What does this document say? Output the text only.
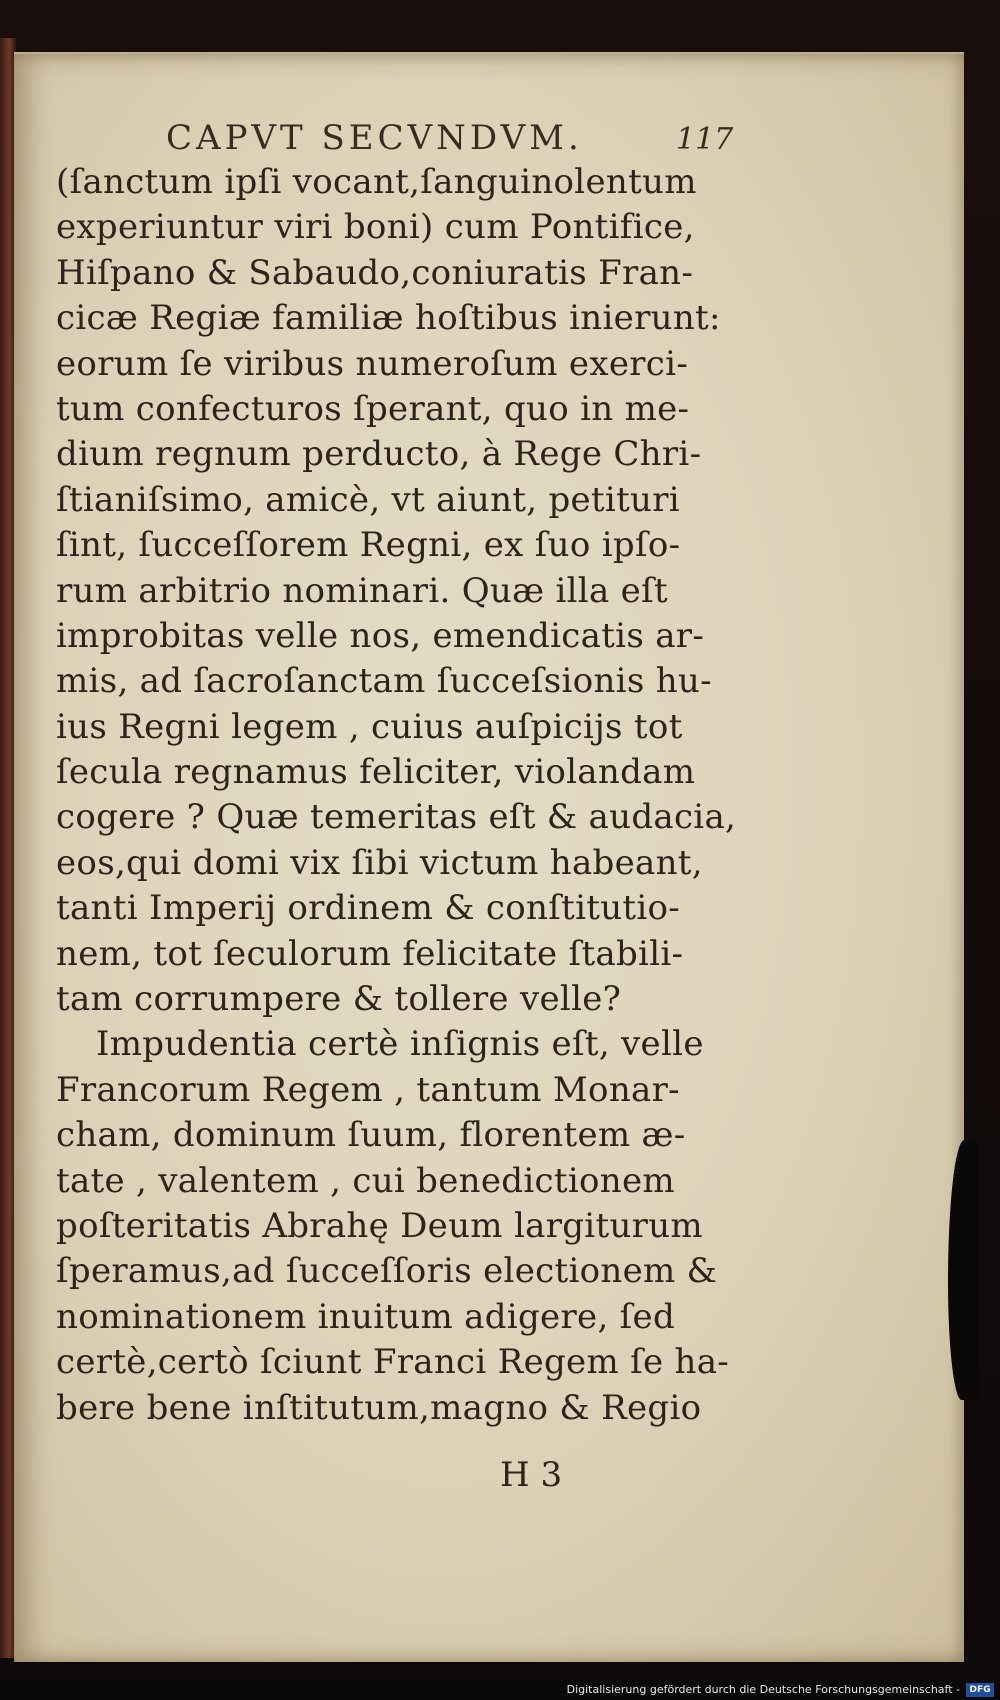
CAPVT SECVNDVM.	117
(ſanctum ipſi vocant,ſanguinolentum
experiuntur viri boni) cum Pontifice,
Hiſpano & Sabaudo,coniuratis Fran-
cicæ Regiæ familiæ hoſtibus inierunt:
eorum ſe viribus numeroſum exerci-
tum confecturos ſperant, quo in me-
dium regnum perducto, à Rege Chri-
ſtianiſsimo, amicè, vt aiunt, petituri
ſint, ſucceſſorem Regni, ex ſuo ipſo-
rum arbitrio nominari. Quæ illa eſt
improbitas velle nos, emendicatis ar-
mis, ad ſacroſanctam ſucceſsionis hu-
ius Regni legem , cuius auſpicijs tot
ſecula regnamus feliciter, violandam
cogere ? Quæ temeritas eſt & audacia,
eos,qui domi vix ſibi victum habeant,
tanti Imperij ordinem & conſtitutio-
nem, tot ſeculorum felicitate ſtabili-
tam corrumpere & tollere velle?
Impudentia certè inſignis eſt, velle
Francorum Regem , tantum Monar-
cham, dominum ſuum, florentem æ-
tate , valentem , cui benedictionem
poſteritatis Abrahę Deum largiturum
ſperamus,ad ſucceſſoris electionem &
nominationem inuitum adigere, ſed
certè,certò ſciunt Franci Regem ſe ha-
bere bene inſtitutum,magno & Regio
H 3
Digitalisierung gefördert durch die Deutsche Forschungsgemeinschaft -	DFG
